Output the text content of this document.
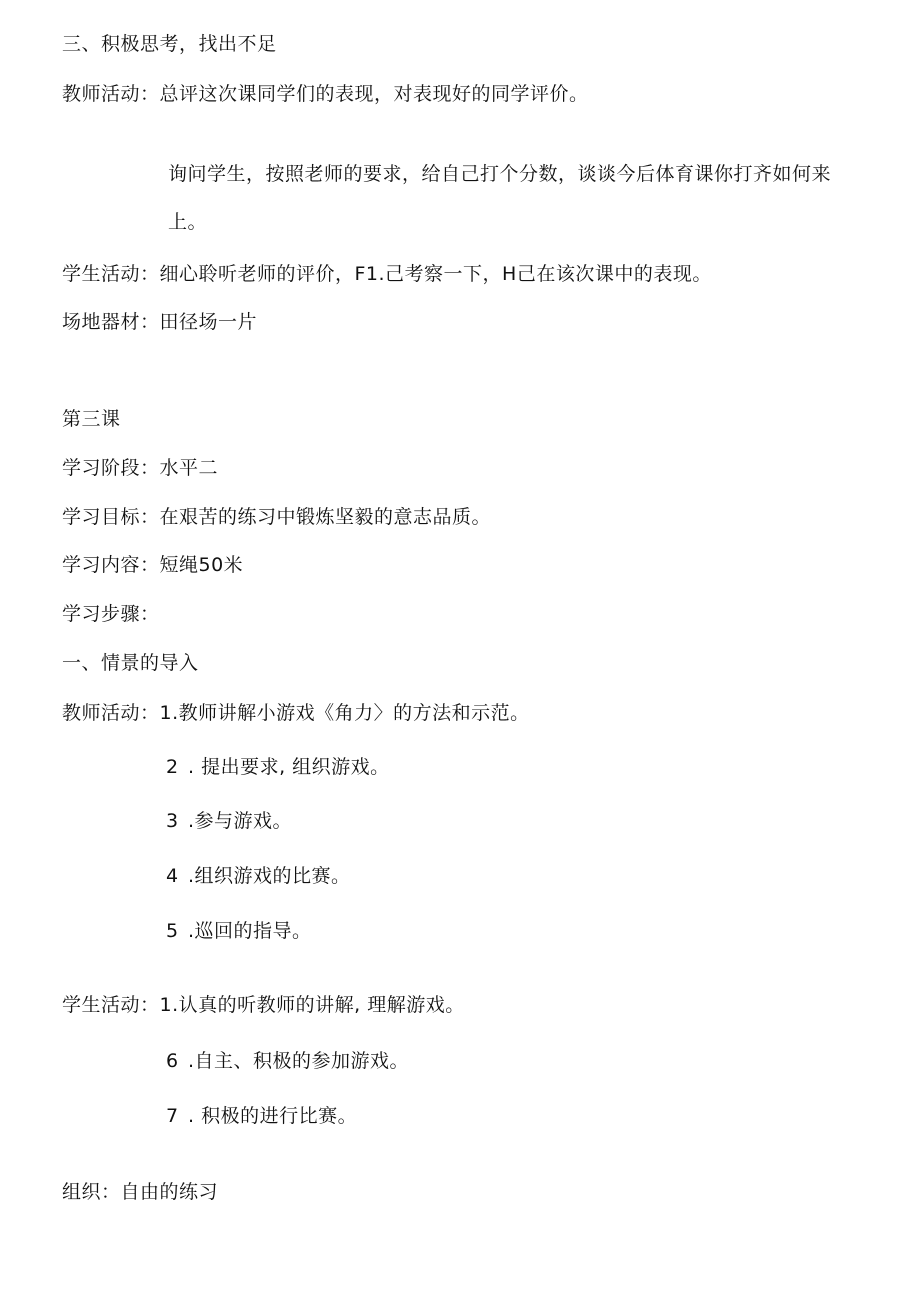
三、积极思考，找出不足
教师活动：总评这次课同学们的表现，对表现好的同学评价。
询问学生，按照老师的要求，给自己打个分数，谈谈今后体育课你打齐如何来
上。
学生活动：细心聆听老师的评价，F1.己考察一下，H己在该次课中的表现。
场地器材：田径场一片
第三课
学习阶段：水平二
学习目标：在艰苦的练习中锻炼坚毅的意志品质。
学习内容：短绳50米
学习步骤：
一、情景的导入
教师活动：1.教师讲解小游戏《角力〉的方法和示范。
2 . 提出要求, 组织游戏。
3 .参与游戏。
4 .组织游戏的比赛。
5 .巡回的指导。
学生活动：1.认真的听教师的讲解, 理解游戏。
6 .自主、积极的参加游戏。
7 . 积极的进行比赛。
组织：自由的练习
